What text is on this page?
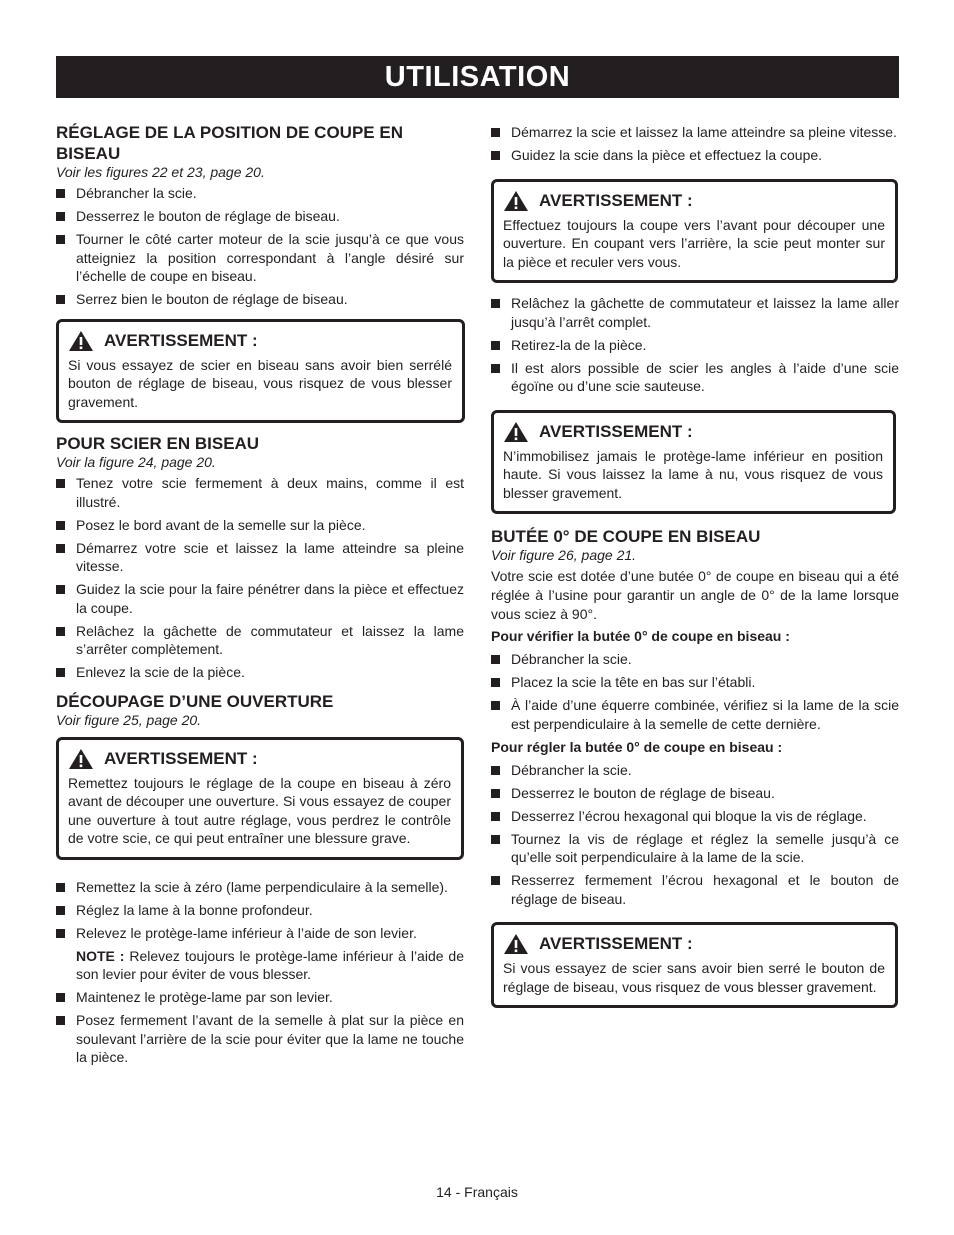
UTILISATION
RÉGLAGE DE LA POSITION DE COUPE EN BISEAU
Voir les figures 22 et 23, page 20.
Débrancher la scie.
Desserrez le bouton de réglage de biseau.
Tourner le côté carter moteur de la scie jusqu’à ce que vous atteigniez la position correspondant à l’angle désiré sur l’échelle de coupe en biseau.
Serrez bien le bouton de réglage de biseau.
AVERTISSEMENT :
Si vous essayez de scier en biseau sans avoir bien serrélé bouton de réglage de biseau, vous risquez de vous blesser gravement.
POUR SCIER EN BISEAU
Voir la figure 24, page 20.
Tenez votre scie fermement à deux mains, comme il est illustré.
Posez le bord avant de la semelle sur la pièce.
Démarrez votre scie et laissez la lame atteindre sa pleine vitesse.
Guidez la scie pour la faire pénétrer dans la pièce et effectuez la coupe.
Relâchez la gâchette de commutateur et laissez la lame s’arrêter complètement.
Enlevez la scie de la pièce.
DÉCOUPAGE D’UNE OUVERTURE
Voir figure 25, page 20.
AVERTISSEMENT :
Remettez toujours le réglage de la coupe en biseau à zéro avant de découper une ouverture. Si vous essayez de couper une ouverture à tout autre réglage, vous perdrez le contrôle de votre scie, ce qui peut entraîner une blessure grave.
Remettez la scie à zéro (lame perpendiculaire à la semelle).
Réglez la lame à la bonne profondeur.
Relevez le protège-lame inférieur à l’aide de son levier.
NOTE : Relevez toujours le protège-lame inférieur à l’aide de son levier pour éviter de vous blesser.
Maintenez le protège-lame par son levier.
Posez fermement l’avant de la semelle à plat sur la pièce en soulevant l’arrière de la scie pour éviter que la lame ne touche la pièce.
Démarrez la scie et laissez la lame atteindre sa pleine vitesse.
Guidez la scie dans la pièce et effectuez la coupe.
AVERTISSEMENT :
Effectuez toujours la coupe vers l’avant pour découper une ouverture. En coupant vers l’arrière, la scie peut monter sur la pièce et reculer vers vous.
Relâchez la gâchette de commutateur et laissez la lame aller jusqu’à l’arrêt complet.
Retirez-la de la pièce.
Il est alors possible de scier les angles à l’aide d’une scie égoïne ou d’une scie sauteuse.
AVERTISSEMENT :
N’immobilisez jamais le protège-lame inférieur en position haute. Si vous laissez la lame à nu, vous risquez de vous blesser gravement.
BUTÉE 0° DE COUPE EN BISEAU
Voir figure 26, page 21.

Votre scie est dotée d’une butée 0° de coupe en biseau qui a été réglée à l’usine pour garantir un angle de 0° de la lame lorsque vous sciez à 90°.

Pour vérifier la butée 0° de coupe en biseau :
Débrancher la scie.
Placez la scie la tête en bas sur l’établi.
À l’aide d’une équerre combinée, vérifiez si la lame de la scie est perpendiculaire à la semelle de cette dernière.
Pour régler la butée 0° de coupe en biseau :
Débrancher la scie.
Desserrez le bouton de réglage de biseau.
Desserrez l’écrou hexagonal qui bloque la vis de réglage.
Tournez la vis de réglage et réglez la semelle jusqu’à ce qu’elle soit perpendiculaire à la lame de la scie.
Resserrez fermement l’écrou hexagonal et le bouton de réglage de biseau.
AVERTISSEMENT :
Si vous essayez de scier sans avoir bien serré le bouton de réglage de biseau, vous risquez de vous blesser gravement.
14 - Français
